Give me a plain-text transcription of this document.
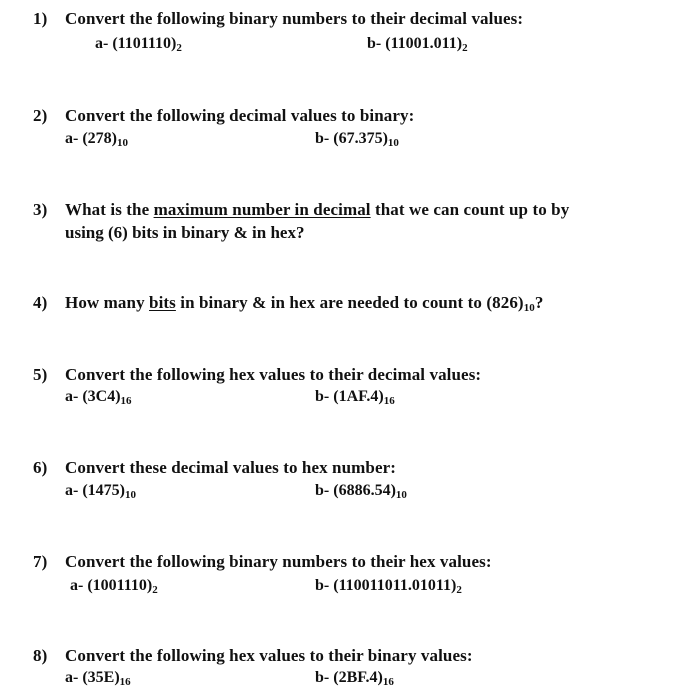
1) Convert the following binary numbers to their decimal values:
a- $(1101110)_2$	b- $(11001.011)_2$
2) Convert the following decimal values to binary:
a- $(278)_{10}$	b- $(67.375)_{10}$
3) What is the maximum number in decimal that we can count up to by
using (6) bits in binary & in hex?
4) How many bits in binary & in hex are needed to count to $(826)_{10}$?
5) Convert the following hex values to their decimal values:
a- $(3C4)_{16}$	b- $(1AF.4)_{16}$
6) Convert these decimal values to hex number:
a- $(1475)_{10}$	b- $(6886.54)_{10}$
7) Convert the following binary numbers to their hex values:
a- $(1001110)_2$	b- $(110011011.01011)_2$
8) Convert the following hex values to their binary values:
a- $(35E)_{16}$	b- $(2BF.4)_{16}$
